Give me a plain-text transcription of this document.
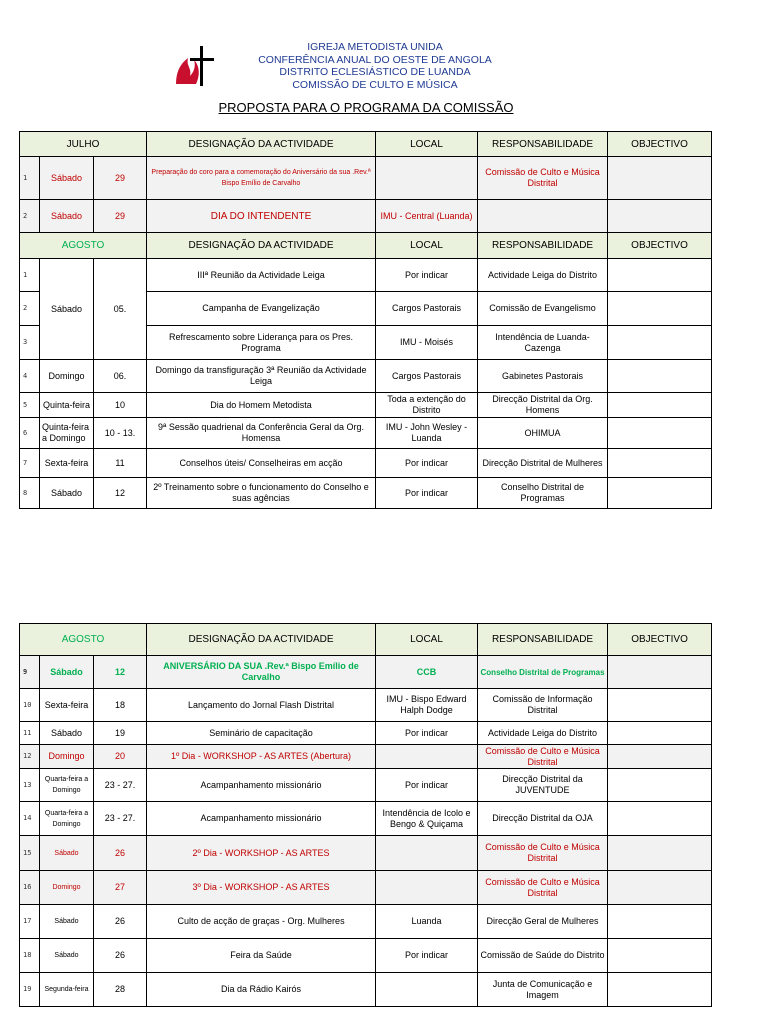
IGREJA METODISTA UNIDA
CONFERÊNCIA ANUAL DO OESTE DE ANGOLA
DISTRITO ECLESIÁSTICO DE LUANDA
COMISSÃO DE CULTO E MÚSICA
PROPOSTA PARA O PROGRAMA DA COMISSÃO
JULHO			DESIGNAÇÃO DA ACTIVIDADE	LOCAL	RESPONSABILIDADE	OBJECTIVO
1	Sábado	29	Preparação do coro para a comemoração do Aniversário da sua .Rev.ª Bispo Emílio de Carvalho		Comissão de Culto e Música Distrital	
2	Sábado	29	DIA DO INTENDENTE	IMU - Central (Luanda)		
AGOSTO			DESIGNAÇÃO DA ACTIVIDADE	LOCAL	RESPONSABILIDADE	OBJECTIVO
1	Sábado	05.	IIIª Reunião da Actividade Leiga	Por indicar	Actividade Leiga do Distrito	
2			Campanha de Evangelização	Cargos Pastorais	Comissão de Evangelismo	
3			Refrescamento sobre Liderança para os Pres. Programa	IMU - Moisés	Intendência de Luanda- Cazenga	
4	Domingo	06.	Domingo da transfiguração 3ª Reunião da Actividade Leiga	Cargos Pastorais	Gabinetes Pastorais	
5	Quinta-feira	10	Dia do Homem Metodista	Toda a extenção do Distrito	Direcção Distrital da Org. Homens	
6	Quinta-feira a Domingo	10 - 13.	9ª Sessão quadrienal da Conferência Geral da Org. Homensa	IMU - John Wesley - Luanda	OHIMUA	
7	Sexta-feira	11	Conselhos úteis/ Conselheiras em acção	Por indicar	Direcção Distrital de Mulheres	
8	Sábado	12	2º Treinamento sobre o funcionamento do Conselho e suas agências	Por indicar	Conselho Distrital de Programas	
AGOSTO			DESIGNAÇÃO DA ACTIVIDADE	LOCAL	RESPONSABILIDADE	OBJECTIVO
9	Sábado	12	ANIVERSÁRIO DA SUA .Rev.ª Bispo Emílio de Carvalho	CCB	Conselho Distrital de Programas	
10	Sexta-feira	18	Lançamento do Jornal Flash Distrital	IMU - Bispo Edward Halph Dodge	Comissão de Informação Distrital	
11	Sábado	19	Seminário de capacitação	Por indicar	Actividade Leiga do Distrito	
12	Domingo	20	1º Dia - WORKSHOP - AS ARTES (Abertura)		Comissão de Culto e Música Distrital	
13	Quarta-feira a Domingo	23 - 27.	Acampanhamento missionário	Por indicar	Direcção Distrital da JUVENTUDE	
14	Quarta-feira a Domingo	23 - 27.	Acampanhamento missionário	Intendência de Icolo e Bengo & Quiçama	Direcção Distrital da OJA	
15	Sábado	26	2º Dia - WORKSHOP - AS ARTES		Comissão de Culto e Música Distrital	
16	Domingo	27	3º Dia - WORKSHOP - AS ARTES		Comissão de Culto e Música Distrital	
17	Sábado	26	Culto de acção de graças - Org. Mulheres	Luanda	Direcção Geral de Mulheres	
18	Sábado	26	Feira da Saúde	Por indicar	Comissão de Saúde do Distrito	
19	Segunda-feira	28	Dia da Rádio Kairós		Junta de Comunicação e Imagem	
